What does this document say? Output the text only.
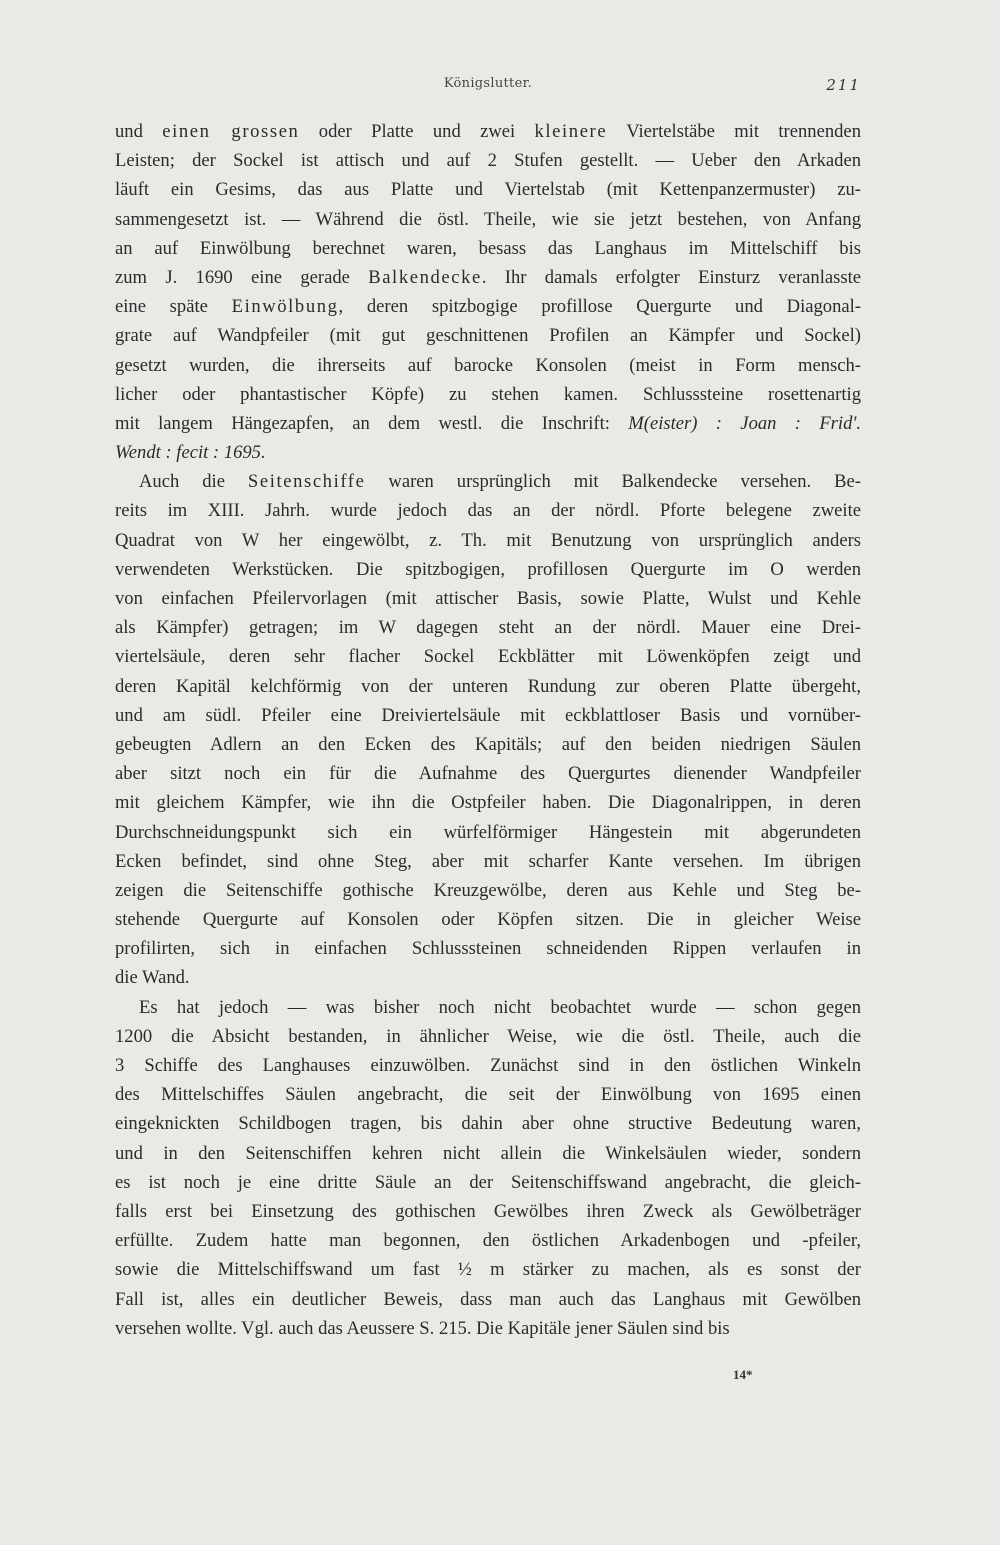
Königslutter.	211
und einen grossen oder Platte und zwei kleinere Viertelstäbe mit trennenden
Leisten; der Sockel ist attisch und auf 2 Stufen gestellt. — Ueber den Arkaden
läuft ein Gesims, das aus Platte und Viertelstab (mit Kettenpanzermuster) zu-
sammengesetzt ist. — Während die östl. Theile, wie sie jetzt bestehen, von Anfang
an auf Einwölbung berechnet waren, besass das Langhaus im Mittelschiff bis
zum J. 1690 eine gerade Balkendecke. Ihr damals erfolgter Einsturz veranlasste
eine späte Einwölbung, deren spitzbogige profillose Quergurte und Diagonal-
grate auf Wandpfeiler (mit gut geschnittenen Profilen an Kämpfer und Sockel)
gesetzt wurden, die ihrerseits auf barocke Konsolen (meist in Form mensch-
licher oder phantastischer Köpfe) zu stehen kamen. Schlusssteine rosettenartig
mit langem Hängezapfen, an dem westl. die Inschrift: M(eister) : Joan : Frid'.
Wendt : fecit : 1695.
Auch die Seitenschiffe waren ursprünglich mit Balkendecke versehen. Be-
reits im XIII. Jahrh. wurde jedoch das an der nördl. Pforte belegene zweite
Quadrat von W her eingewölbt, z. Th. mit Benutzung von ursprünglich anders
verwendeten Werkstücken. Die spitzbogigen, profillosen Quergurte im O werden
von einfachen Pfeilervorlagen (mit attischer Basis, sowie Platte, Wulst und Kehle
als Kämpfer) getragen; im W dagegen steht an der nördl. Mauer eine Drei-
viertelsäule, deren sehr flacher Sockel Eckblätter mit Löwenköpfen zeigt und
deren Kapitäl kelchförmig von der unteren Rundung zur oberen Platte übergeht,
und am südl. Pfeiler eine Dreiviertelsäule mit eckblattloser Basis und vornüber-
gebeugten Adlern an den Ecken des Kapitäls; auf den beiden niedrigen Säulen
aber sitzt noch ein für die Aufnahme des Quergurtes dienender Wandpfeiler
mit gleichem Kämpfer, wie ihn die Ostpfeiler haben. Die Diagonalrippen, in deren
Durchschneidungspunkt sich ein würfelförmiger Hängestein mit abgerundeten
Ecken befindet, sind ohne Steg, aber mit scharfer Kante versehen. Im übrigen
zeigen die Seitenschiffe gothische Kreuzgewölbe, deren aus Kehle und Steg be-
stehende Quergurte auf Konsolen oder Köpfen sitzen. Die in gleicher Weise
profilirten, sich in einfachen Schlusssteinen schneidenden Rippen verlaufen in
die Wand.
Es hat jedoch — was bisher noch nicht beobachtet wurde — schon gegen
1200 die Absicht bestanden, in ähnlicher Weise, wie die östl. Theile, auch die
3 Schiffe des Langhauses einzuwölben. Zunächst sind in den östlichen Winkeln
des Mittelschiffes Säulen angebracht, die seit der Einwölbung von 1695 einen
eingeknickten Schildbogen tragen, bis dahin aber ohne structive Bedeutung waren,
und in den Seitenschiffen kehren nicht allein die Winkelsäulen wieder, sondern
es ist noch je eine dritte Säule an der Seitenschiffswand angebracht, die gleich-
falls erst bei Einsetzung des gothischen Gewölbes ihren Zweck als Gewölbeträger
erfüllte. Zudem hatte man begonnen, den östlichen Arkadenbogen und -pfeiler,
sowie die Mittelschiffswand um fast ½ m stärker zu machen, als es sonst der
Fall ist, alles ein deutlicher Beweis, dass man auch das Langhaus mit Gewölben
versehen wollte. Vgl. auch das Aeussere S. 215. Die Kapitäle jener Säulen sind bis
14*
